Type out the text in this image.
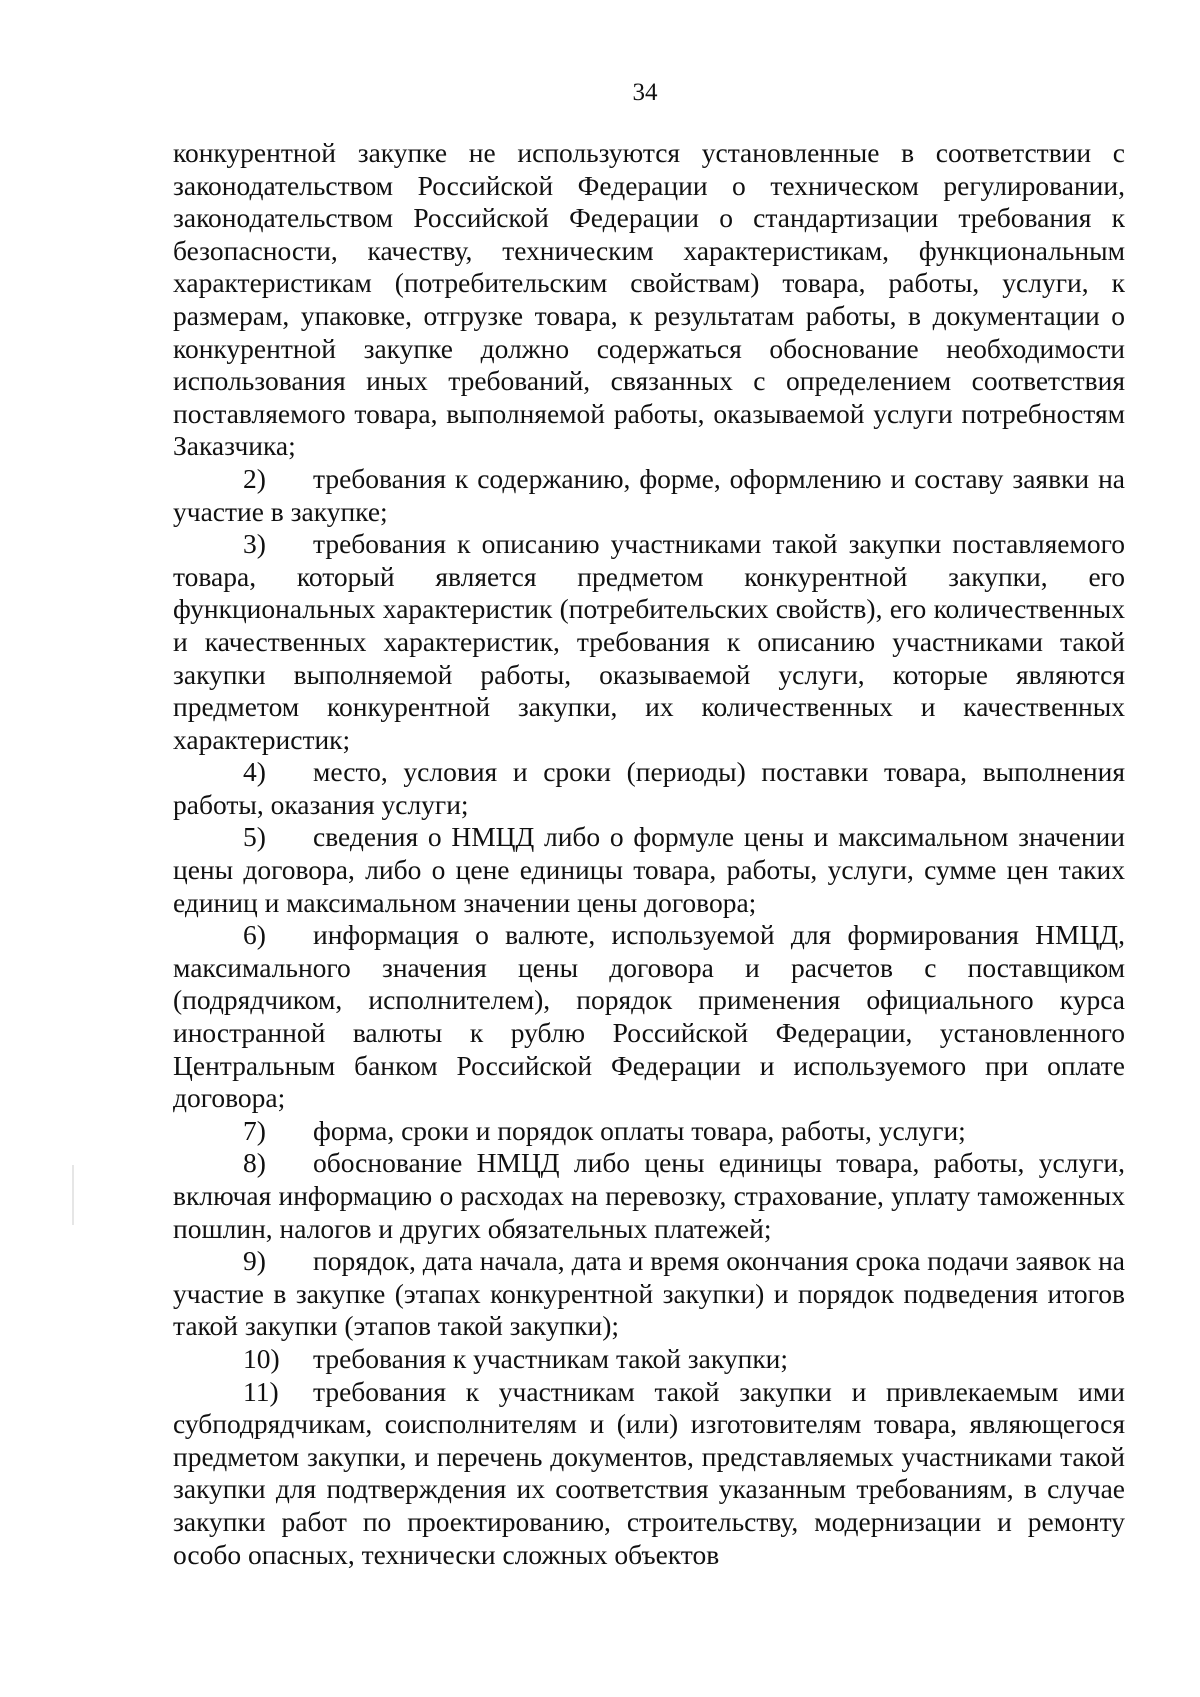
34

конкурентной закупке не используются установленные в соответствии с законодательством Российской Федерации о техническом регулировании, законодательством Российской Федерации о стандартизации требования к безопасности, качеству, техническим характеристикам, функциональным характеристикам (потребительским свойствам) товара, работы, услуги, к размерам, упаковке, отгрузке товара, к результатам работы, в документации о конкурентной закупке должно содержаться обоснование необходимости использования иных требований, связанных с определением соответствия поставляемого товара, выполняемой работы, оказываемой услуги потребностям Заказчика;

2) требования к содержанию, форме, оформлению и составу заявки на участие в закупке;

3) требования к описанию участниками такой закупки поставляемого товара, который является предметом конкурентной закупки, его функциональных характеристик (потребительских свойств), его количественных и качественных характеристик, требования к описанию участниками такой закупки выполняемой работы, оказываемой услуги, которые являются предметом конкурентной закупки, их количественных и качественных характеристик;

4) место, условия и сроки (периоды) поставки товара, выполнения работы, оказания услуги;

5) сведения о НМЦД либо о формуле цены и максимальном значении цены договора, либо о цене единицы товара, работы, услуги, сумме цен таких единиц и максимальном значении цены договора;

6) информация о валюте, используемой для формирования НМЦД, максимального значения цены договора и расчетов с поставщиком (подрядчиком, исполнителем), порядок применения официального курса иностранной валюты к рублю Российской Федерации, установленного Центральным банком Российской Федерации и используемого при оплате договора;

7) форма, сроки и порядок оплаты товара, работы, услуги;

8) обоснование НМЦД либо цены единицы товара, работы, услуги, включая информацию о расходах на перевозку, страхование, уплату таможенных пошлин, налогов и других обязательных платежей;

9) порядок, дата начала, дата и время окончания срока подачи заявок на участие в закупке (этапах конкурентной закупки) и порядок подведения итогов такой закупки (этапов такой закупки);

10) требования к участникам такой закупки;

11) требования к участникам такой закупки и привлекаемым ими субподрядчикам, соисполнителям и (или) изготовителям товара, являющегося предметом закупки, и перечень документов, представляемых участниками такой закупки для подтверждения их соответствия указанным требованиям, в случае закупки работ по проектированию, строительству, модернизации и ремонту особо опасных, технически сложных объектов
